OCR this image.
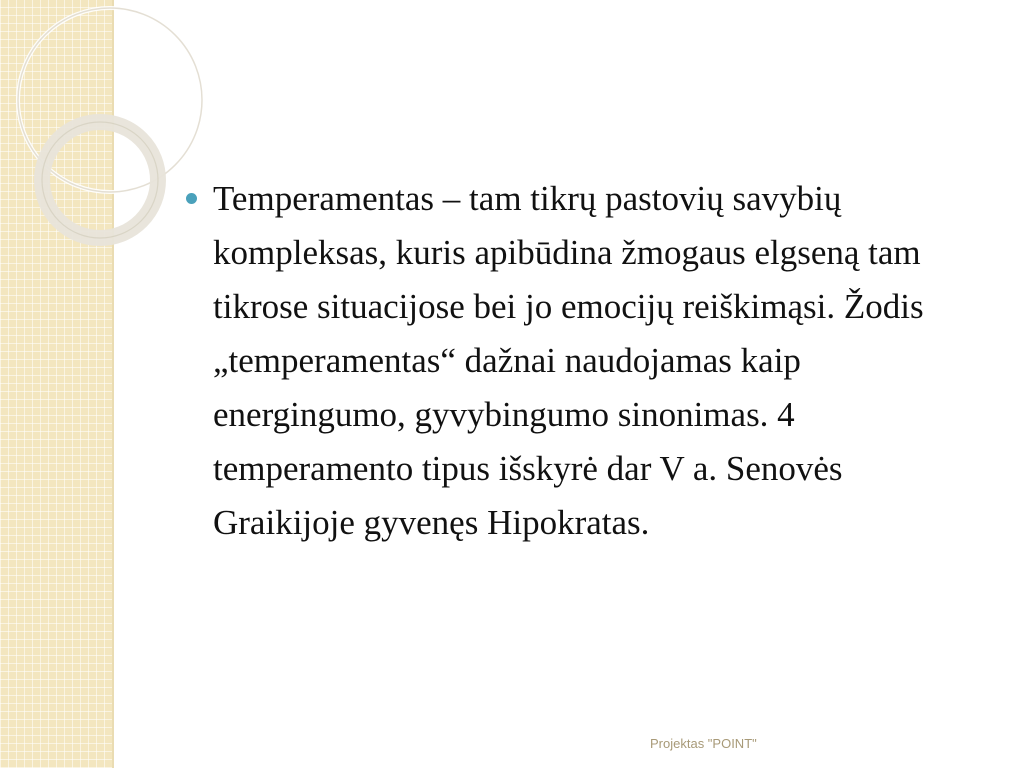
Temperamentas – tam tikrų pastovių savybių kompleksas, kuris apibūdina žmogaus elgseną tam tikrose situacijose bei jo emocijų reiškimąsi. Žodis „temperamentas“ dažnai naudojamas kaip energingumo, gyvybingumo sinonimas. 4 temperamento tipus išskyrė dar V a. Senovės Graikijoje gyvenęs Hipokratas.

Projektas "POINT"
